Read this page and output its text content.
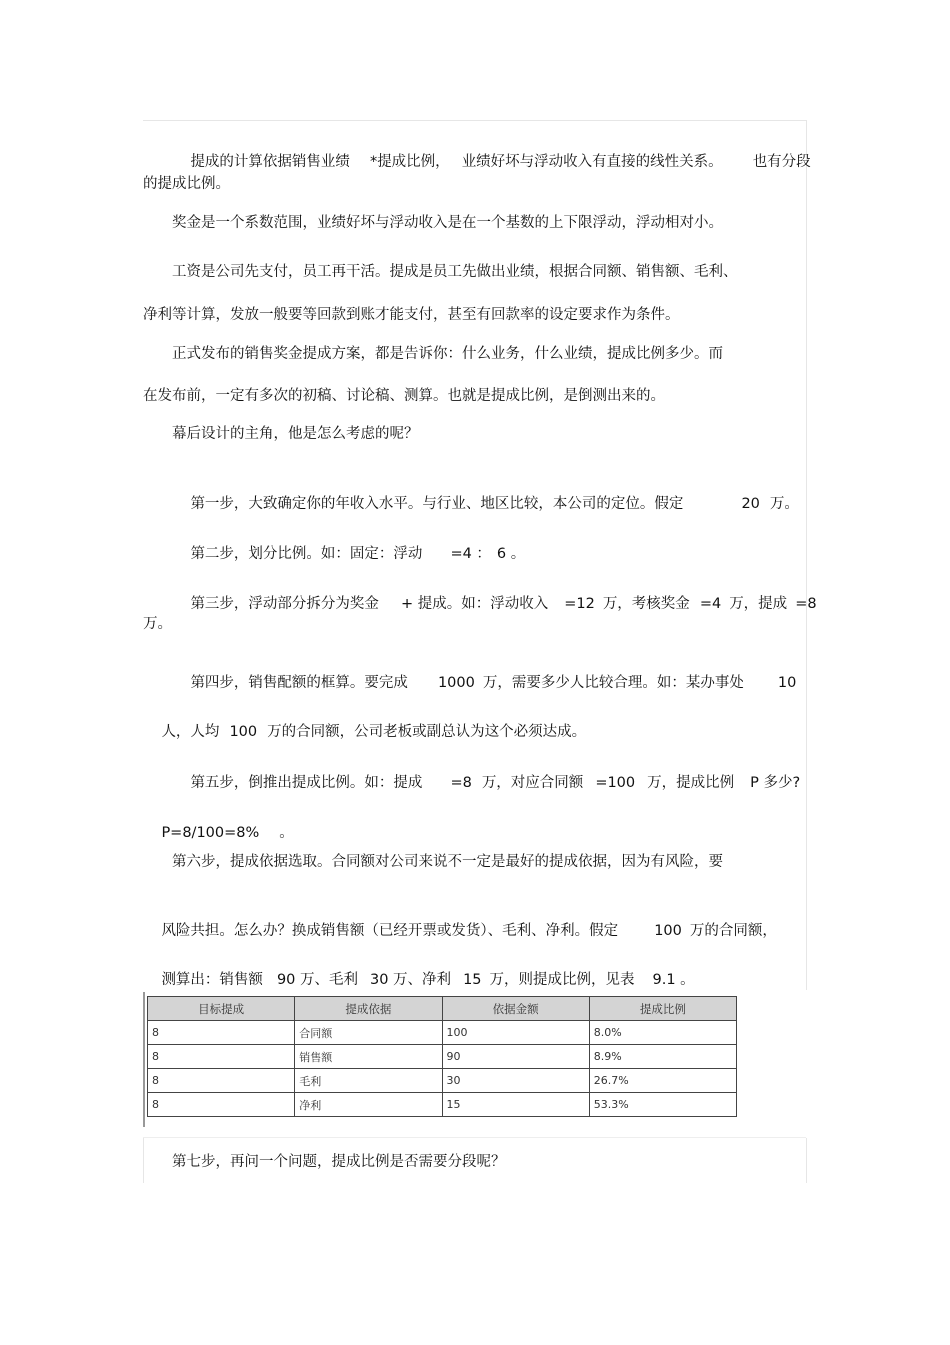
提成的计算依据销售业绩 *提成比例， 业绩好坏与浮动收入有直接的线性关系。 也有分段

的提成比例。
奖金是一个系数范围，业绩好坏与浮动收入是在一个基数的上下限浮动，浮动相对小。
工资是公司先支付，员工再干活。提成是员工先做出业绩，根据合同额、销售额、毛利、
净利等计算，发放一般要等回款到账才能支付，甚至有回款率的设定要求作为条件。
正式发布的销售奖金提成方案，都是告诉你：什么业务，什么业绩，提成比例多少。而
在发布前，一定有多次的初稿、讨论稿、测算。也就是提成比例，是倒测出来的。
幕后设计的主角，他是怎么考虑的呢？

第一步，大致确定你的年收入水平。与行业、地区比较，本公司的定位。假定	20 万。

第二步，划分比例。如：固定：浮动 =4 ： 6 。

第三步，浮动部分拆分为奖金 + 提成。如：浮动收入 =12 万，考核奖金 =4 万，提成 =8

万。

第四步，销售配额的框算。要完成 1000 万，需要多少人比较合理。如：某办事处 10

人，人均 100 万的合同额，公司老板或副总认为这个必须达成。

第五步，倒推出提成比例。如：提成 =8 万，对应合同额 =100 万，提成比例 P 多少?

P=8/100=8% 。

第六步，提成依据选取。合同额对公司来说不一定是最好的提成依据，因为有风险，要

风险共担。怎么办？换成销售额（已经开票或发货）、毛利、净利。假定 100 万的合同额，

测算出：销售额 90 万、毛利 30 万、净利 15 万，则提成比例，见表 9.1 。

目标提成	提成依据	依据金额	提成比例
8	合同额	100	8.0%
8	销售额	90	8.9%
8	毛利	30	26.7%
8	净利	15	53.3%
第七步，再问一个问题，提成比例是否需要分段呢？
